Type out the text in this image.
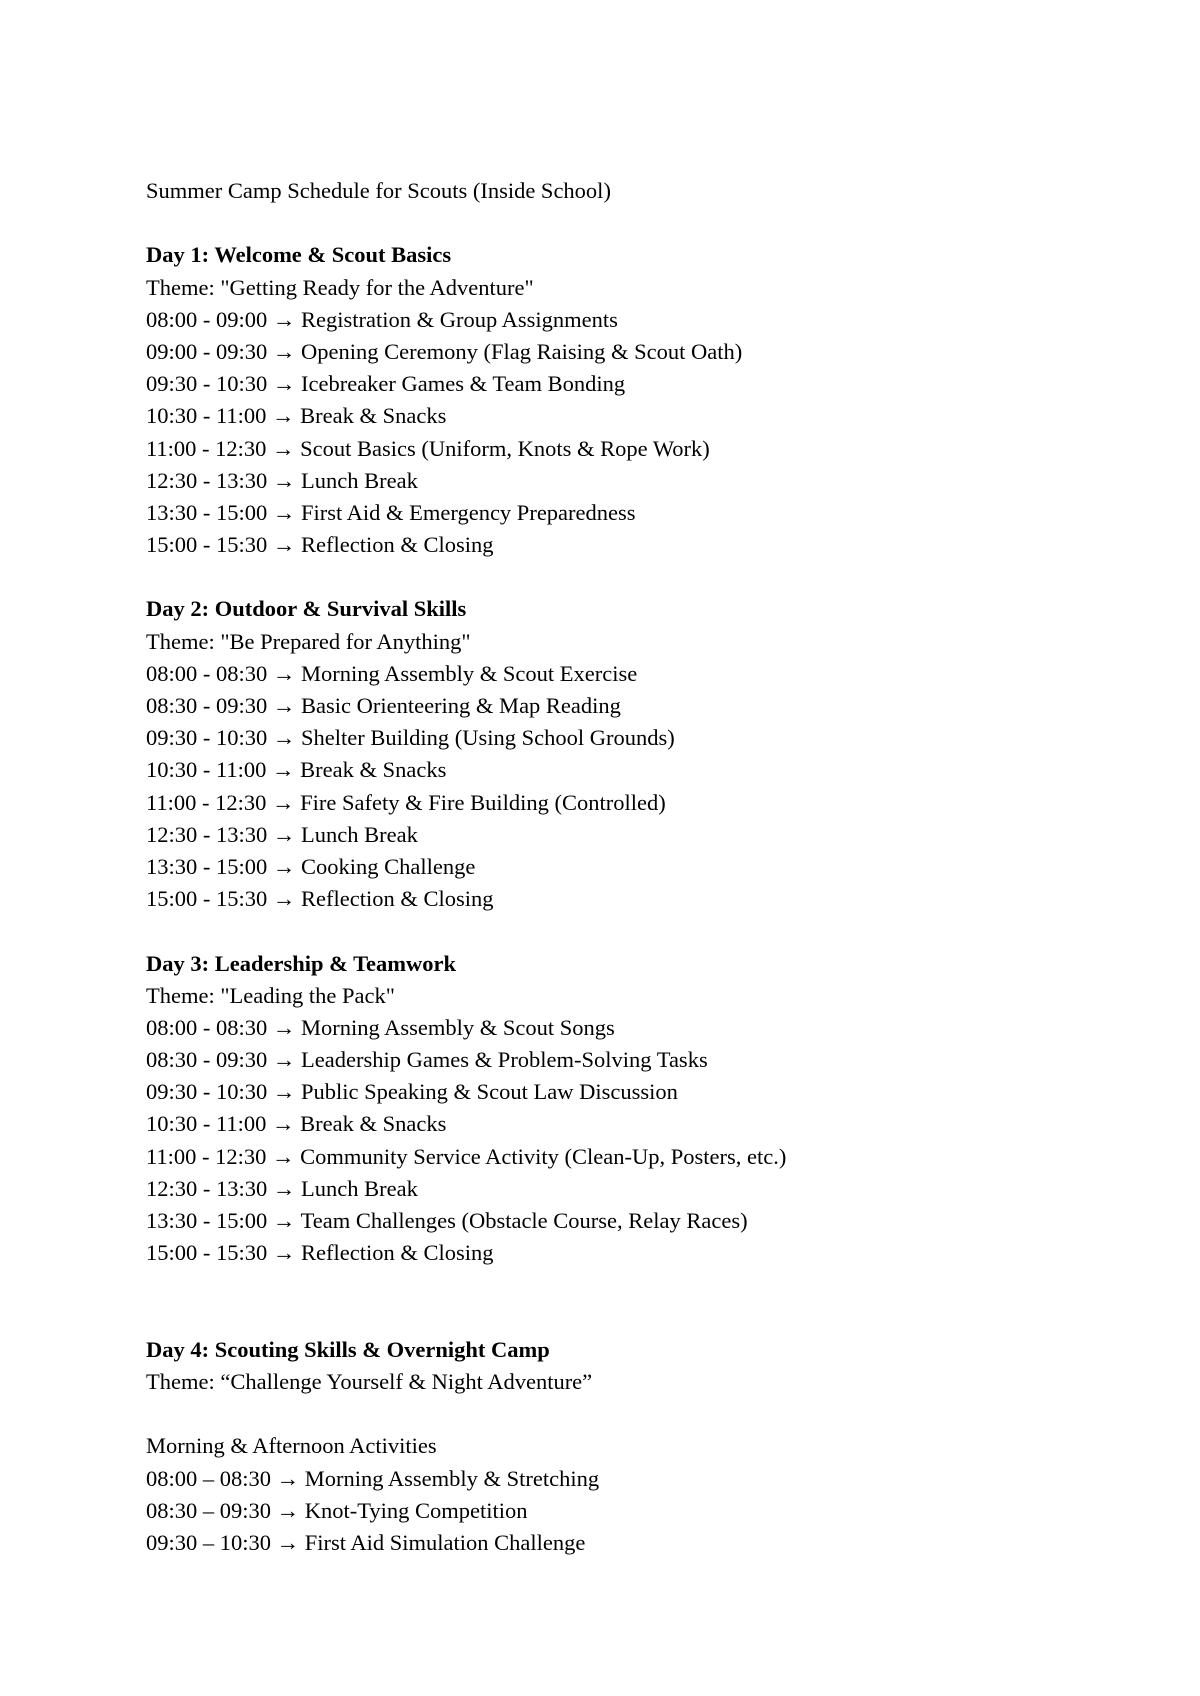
Summer Camp Schedule for Scouts (Inside School)

Day 1: Welcome & Scout Basics

Theme: "Getting Ready for the Adventure"

08:00 - 09:00 → Registration & Group Assignments

09:00 - 09:30 → Opening Ceremony (Flag Raising & Scout Oath)

09:30 - 10:30 → Icebreaker Games & Team Bonding

10:30 - 11:00 → Break & Snacks

11:00 - 12:30 → Scout Basics (Uniform, Knots & Rope Work)

12:30 - 13:30 → Lunch Break

13:30 - 15:00 → First Aid & Emergency Preparedness

15:00 - 15:30 → Reflection & Closing

Day 2: Outdoor & Survival Skills

Theme: "Be Prepared for Anything"

08:00 - 08:30 → Morning Assembly & Scout Exercise

08:30 - 09:30 → Basic Orienteering & Map Reading

09:30 - 10:30 → Shelter Building (Using School Grounds)

10:30 - 11:00 → Break & Snacks

11:00 - 12:30 → Fire Safety & Fire Building (Controlled)

12:30 - 13:30 → Lunch Break

13:30 - 15:00 → Cooking Challenge

15:00 - 15:30 → Reflection & Closing

Day 3: Leadership & Teamwork

Theme: "Leading the Pack"

08:00 - 08:30 → Morning Assembly & Scout Songs

08:30 - 09:30 → Leadership Games & Problem-Solving Tasks

09:30 - 10:30 → Public Speaking & Scout Law Discussion

10:30 - 11:00 → Break & Snacks

11:00 - 12:30 → Community Service Activity (Clean-Up, Posters, etc.)

12:30 - 13:30 → Lunch Break

13:30 - 15:00 → Team Challenges (Obstacle Course, Relay Races)

15:00 - 15:30 → Reflection & Closing

Day 4: Scouting Skills & Overnight Camp

Theme: “Challenge Yourself & Night Adventure”

Morning & Afternoon Activities

08:00 – 08:30 → Morning Assembly & Stretching

08:30 – 09:30 → Knot-Tying Competition

09:30 – 10:30 → First Aid Simulation Challenge
